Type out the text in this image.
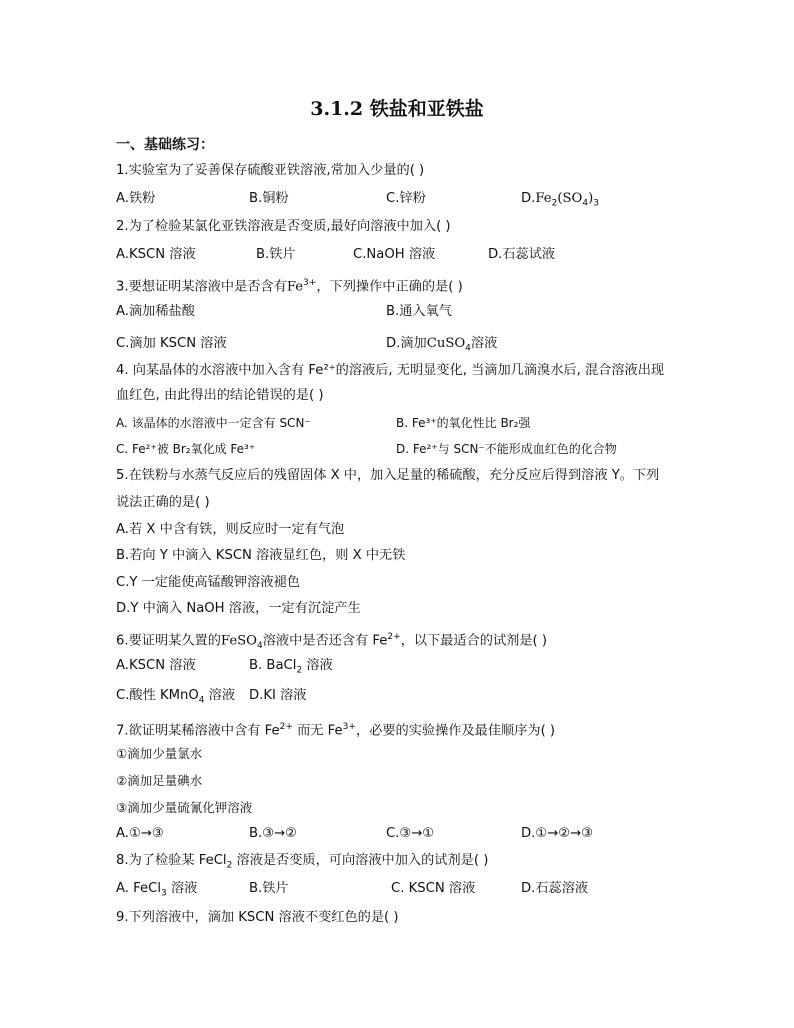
3.1.2 铁盐和亚铁盐
一、基础练习：
1.实验室为了妥善保存硫酸亚铁溶液,常加入少量的( )
A.铁粉	B.铜粉	C.锌粉	$D.Fe_2(SO_4)_3$
2.为了检验某氯化亚铁溶液是否变质,最好向溶液中加入( )
A.KSCN 溶液	B.铁片	C.NaOH 溶液	D.石蕊试液
3.要想证明某溶液中是否含有$Fe^{3+}$，下列操作中正确的是( )
A.滴加稀盐酸	B.通入氧气
C.滴加 KSCN 溶液	D.滴加CuSO$_4$溶液
4. 向某晶体的水溶液中加入含有 Fe²⁺的溶液后, 无明显变化, 当滴加几滴溴水后, 混合溶液出现
血红色, 由此得出的结论错误的是( )
A. 该晶体的水溶液中一定含有 SCN⁻	B. Fe³⁺的氧化性比 Br₂强
C. Fe²⁺被 Br₂氧化成 Fe³⁺	D. Fe²⁺与 SCN⁻不能形成血红色的化合物
5.在铁粉与水蒸气反应后的残留固体 X 中，加入足量的稀硫酸，充分反应后得到溶液 Y。下列
说法正确的是( )
A.若 X 中含有铁，则反应时一定有气泡
B.若向 Y 中滴入 KSCN 溶液显红色，则 X 中无铁
C.Y 一定能使高锰酸钾溶液褪色
D.Y 中滴入 NaOH 溶液，一定有沉淀产生
6.要证明某久置的FeSO$_4$溶液中是否还含有 $Fe^{2+}$，以下最适合的试剂是( )
A.KSCN 溶液	B. BaCl$_2$ 溶液
C.酸性 KMnO$_4$ 溶液 D.KI 溶液
7.欲证明某稀溶液中含有 $Fe^{2+}$ 而无 $Fe^{3+}$，必要的实验操作及最佳顺序为( )
①滴加少量氯水
②滴加足量碘水
③滴加少量硫氰化钾溶液
A.①→③	B.③→②	C.③→①	D.①→②→③
8.为了检验某 FeCl$_2$ 溶液是否变质，可向溶液中加入的试剂是( )
A. FeCl$_3$ 溶液	B.铁片	C. KSCN 溶液	D.石蕊溶液
9.下列溶液中，滴加 KSCN 溶液不变红色的是( )
